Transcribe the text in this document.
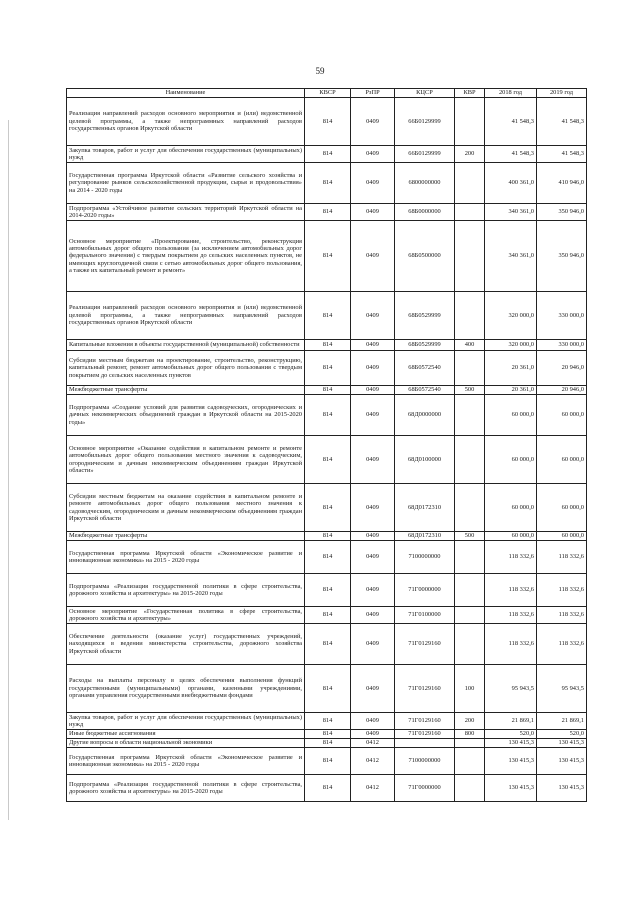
59
Наименование	КВСР	РзПР	КЦСР	КВР	2018 год	2019 год
Реализация направлений расходов основного мероприятия и (или) ведомственной целевой программы, а также непрограммных направлений расходов государственных органов Иркутской области	814	0409	66Б0129999		41 548,3	41 548,3
Закупка товаров, работ и услуг для обеспечения государственных (муниципальных) нужд	814	0409	66Б0129999	200	41 548,3	41 548,3
Государственная программа Иркутской области «Развитие сельского хозяйства и регулирование рынков сельскохозяйственной продукции, сырья и продовольствия» на 2014 - 2020 годы	814	0409	6800000000		400 361,0	410 946,0
Подпрограмма «Устойчивое развитие сельских территорий Иркутской области на 2014-2020 годы»	814	0409	68Б0000000		340 361,0	350 946,0
Основное мероприятие «Проектирование, строительство, реконструкция автомобильных дорог общего пользования (за исключением автомобильных дорог федерального значения) с твердым покрытием до сельских населенных пунктов, не имеющих круглогодичной связи с сетью автомобильных дорог общего пользования, а также их капитальный ремонт и ремонт»	814	0409	68Б0500000		340 361,0	350 946,0
Реализация направлений расходов основного мероприятия и (или) ведомственной целевой программы, а также непрограммных направлений расходов государственных органов Иркутской области	814	0409	68Б0529999		320 000,0	330 000,0
Капитальные вложения в объекты государственной (муниципальной) собственности	814	0409	68Б0529999	400	320 000,0	330 000,0
Субсидии местным бюджетам на проектирование, строительство, реконструкцию, капитальный ремонт, ремонт автомобильных дорог общего пользования с твердым покрытием до сельских населенных пунктов	814	0409	68Б0572540		20 361,0	20 946,0
Межбюджетные трансферты	814	0409	68Б0572540	500	20 361,0	20 946,0
Подпрограмма «Создание условий для развития садоводческих, огороднических и дачных некоммерческих объединений граждан в Иркутской области на 2015-2020 годы»	814	0409	68Д0000000		60 000,0	60 000,0
Основное мероприятие «Оказание содействия в капитальном ремонте и ремонте автомобильных дорог общего пользования местного значения к садоводческим, огородническим и дачным некоммерческим объединениям граждан Иркутской области»	814	0409	68Д0100000		60 000,0	60 000,0
Субсидии местным бюджетам на оказание содействия в капитальном ремонте и ремонте автомобильных дорог общего пользования местного значения к садоводческим, огородническим и дачным некоммерческим объединениям граждан Иркутской области	814	0409	68Д0172310		60 000,0	60 000,0
Межбюджетные трансферты	814	0409	68Д0172310	500	60 000,0	60 000,0
Государственная программа Иркутской области «Экономическое развитие и инновационная экономика» на 2015 - 2020 годы	814	0409	7100000000		118 332,6	118 332,6
Подпрограмма «Реализация государственной политики в сфере строительства, дорожного хозяйства и архитектуры» на 2015-2020 годы	814	0409	71Г0000000		118 332,6	118 332,6
Основное мероприятие «Государственная политика в сфере строительства, дорожного хозяйства и архитектуры»	814	0409	71Г0100000		118 332,6	118 332,6
Обеспечение деятельности (оказание услуг) государственных учреждений, находящихся в ведении министерства строительства, дорожного хозяйства Иркутской области	814	0409	71Г0129160		118 332,6	118 332,6
Расходы на выплаты персоналу в целях обеспечения выполнения функций государственными (муниципальными) органами, казенными учреждениями, органами управления государственными внебюджетными фондами	814	0409	71Г0129160	100	95 943,5	95 943,5
Закупка товаров, работ и услуг для обеспечения государственных (муниципальных) нужд	814	0409	71Г0129160	200	21 869,1	21 869,1
Иные бюджетные ассигнования	814	0409	71Г0129160	800	520,0	520,0
Другие вопросы в области национальной экономики	814	0412			130 415,3	130 415,3
Государственная программа Иркутской области «Экономическое развитие и инновационная экономика» на 2015 - 2020 годы	814	0412	7100000000		130 415,3	130 415,3
Подпрограмма «Реализация государственной политики в сфере строительства, дорожного хозяйства и архитектуры» на 2015-2020 годы	814	0412	71Г0000000		130 415,3	130 415,3
